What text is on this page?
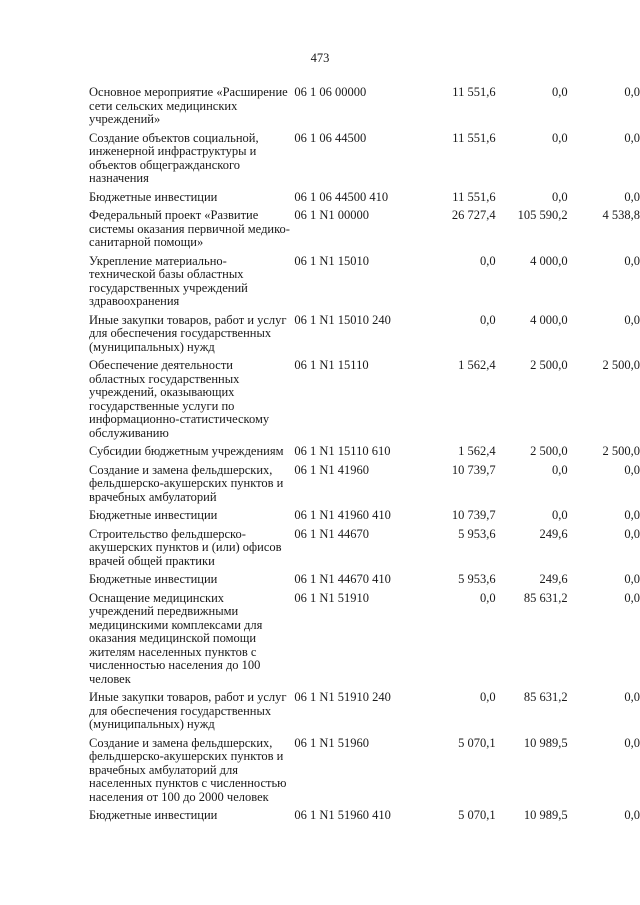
473
Основное мероприятие «Расширение сети сельских медицинских учреждений»	06 1 06 00000	11 551,6	0,0	0,0
Создание объектов социальной, инженерной инфраструктуры и объектов общегражданского назначения	06 1 06 44500	11 551,6	0,0	0,0
Бюджетные инвестиции	06 1 06 44500 410	11 551,6	0,0	0,0
Федеральный проект «Развитие системы оказания первичной медико-санитарной помощи»	06 1 N1 00000	26 727,4	105 590,2	4 538,8
Укрепление материально-технической базы областных государственных учреждений здравоохранения	06 1 N1 15010	0,0	4 000,0	0,0
Иные закупки товаров, работ и услуг для обеспечения государственных (муниципальных) нужд	06 1 N1 15010 240	0,0	4 000,0	0,0
Обеспечение деятельности областных государственных учреждений, оказывающих государственные услуги по информационно-статистическому обслуживанию	06 1 N1 15110	1 562,4	2 500,0	2 500,0
Субсидии бюджетным учреждениям	06 1 N1 15110 610	1 562,4	2 500,0	2 500,0
Создание и замена фельдшерских, фельдшерско-акушерских пунктов и врачебных амбулаторий	06 1 N1 41960	10 739,7	0,0	0,0
Бюджетные инвестиции	06 1 N1 41960 410	10 739,7	0,0	0,0
Строительство фельдшерско-акушерских пунктов и (или) офисов врачей общей практики	06 1 N1 44670	5 953,6	249,6	0,0
Бюджетные инвестиции	06 1 N1 44670 410	5 953,6	249,6	0,0
Оснащение медицинских учреждений передвижными медицинскими комплексами для оказания медицинской помощи жителям населенных пунктов с численностью населения до 100 человек	06 1 N1 51910	0,0	85 631,2	0,0
Иные закупки товаров, работ и услуг для обеспечения государственных (муниципальных) нужд	06 1 N1 51910 240	0,0	85 631,2	0,0
Создание и замена фельдшерских, фельдшерско-акушерских пунктов и врачебных амбулаторий для населенных пунктов с численностью населения от 100 до 2000 человек	06 1 N1 51960	5 070,1	10 989,5	0,0
Бюджетные инвестиции	06 1 N1 51960 410	5 070,1	10 989,5	0,0
